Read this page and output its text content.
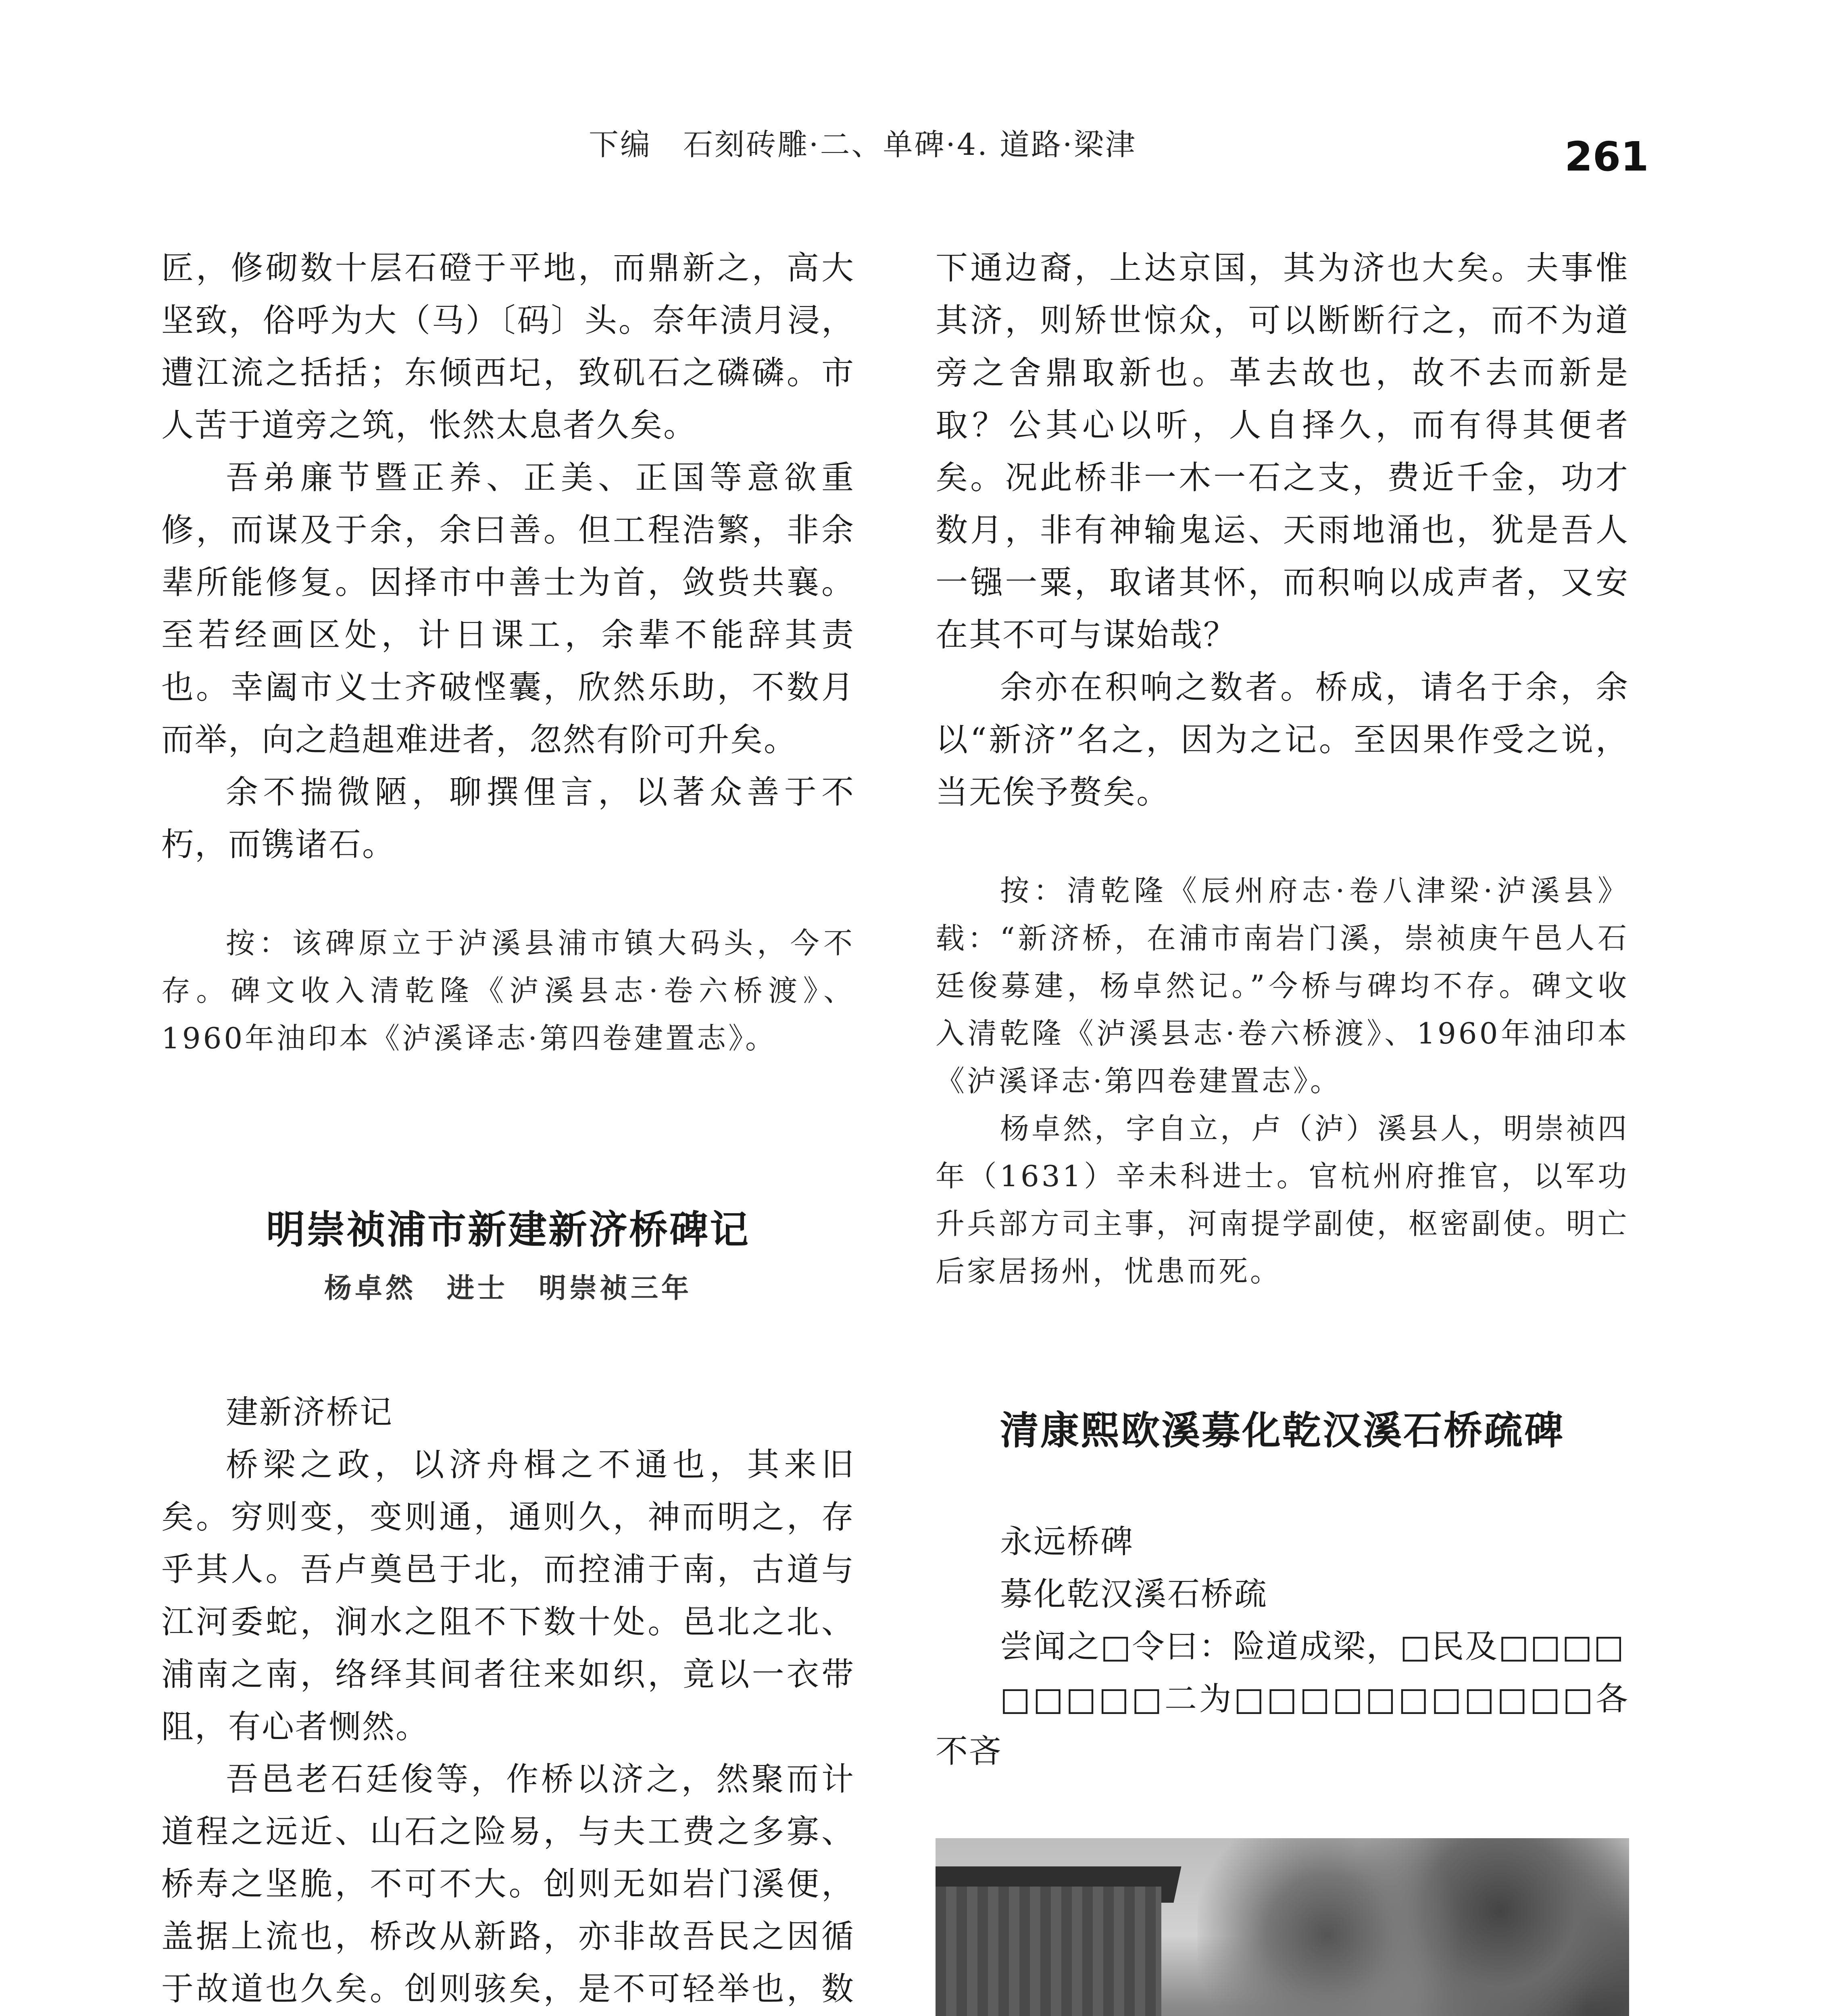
下编　石刻砖雕·二、单碑·4. 道路·梁津	261

匠，修砌数十层石磴于平地，而鼎新之，高大坚致，俗呼为大（马）〔码〕头。奈年渍月浸，遭江流之括括；东倾西圮，致矶石之磷磷。市人苦于道旁之筑，怅然太息者久矣。

吾弟廉节暨正养、正美、正国等意欲重修，而谋及于余，余曰善。但工程浩繁，非余辈所能修复。因择市中善士为首，敛赀共襄。至若经画区处，计日课工，余辈不能辞其责也。幸阖市义士齐破悭囊，欣然乐助，不数月而举，向之趋趄难进者，忽然有阶可升矣。

余不揣微陋，聊撰俚言，以著众善于不朽，而镌诸石。

按：该碑原立于泸溪县浦市镇大码头，今不存。碑文收入清乾隆《泸溪县志·卷六桥渡》、1960年油印本《泸溪译志·第四卷建置志》。

明崇祯浦市新建新济桥碑记
杨卓然　进士　明崇祯三年

建新济桥记

桥梁之政，以济舟楫之不通也，其来旧矣。穷则变，变则通，通则久，神而明之，存乎其人。吾卢奠邑于北，而控浦于南，古道与江河委蛇，涧水之阻不下数十处。邑北之北、浦南之南，络绎其间者往来如织，竟以一衣带阻，有心者恻然。

吾邑老石廷俊等，作桥以济之，然聚而计道程之远近、山石之险易，与夫工费之多寡、桥寿之坚脆，不可不大。创则无如岩门溪便，盖据上流也，桥改从新路，亦非故吾民之因循于故道也久矣。创则骇矣，是不可轻举也，数

下通边裔，上达京国，其为济也大矣。夫事惟其济，则矫世惊众，可以断断行之，而不为道旁之舍鼎取新也。革去故也，故不去而新是取？公其心以听，人自择久，而有得其便者矣。况此桥非一木一石之支，费近千金，功才数月，非有神输鬼运、天雨地涌也，犹是吾人一镪一粟，取诸其怀，而积响以成声者，又安在其不可与谋始哉？

余亦在积响之数者。桥成，请名于余，余以“新济”名之，因为之记。至因果作受之说，当无俟予赘矣。

按：清乾隆《辰州府志·卷八津梁·泸溪县》载：“新济桥，在浦市南岩门溪，崇祯庚午邑人石廷俊募建，杨卓然记。”今桥与碑均不存。碑文收入清乾隆《泸溪县志·卷六桥渡》、1960年油印本《泸溪译志·第四卷建置志》。

杨卓然，字自立，卢（泸）溪县人，明崇祯四年（1631）辛未科进士。官杭州府推官，以军功升兵部方司主事，河南提学副使，枢密副使。明亡后家居扬州，忧患而死。

清康熙欧溪募化乾汉溪石桥疏碑

永远桥碑

募化乾汉溪石桥疏

尝闻之□令曰：险道成梁，□民及□□□□

□□□□□二为□□□□□□□□□□□各不吝
